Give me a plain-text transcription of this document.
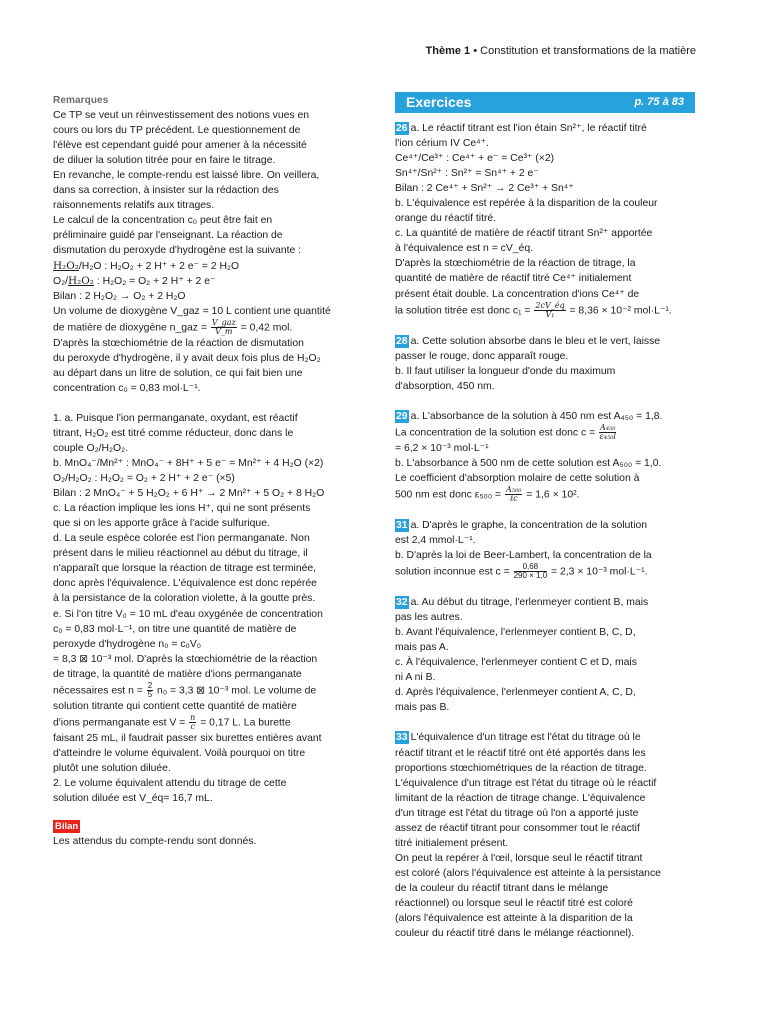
Thème 1 • Constitution et transformations de la matière
Remarques
Ce TP se veut un réinvestissement des notions vues en
cours ou lors du TP précédent. Le questionnement de
l'élève est cependant guidé pour amener à la nécessité
de diluer la solution titrée pour en faire le titrage.
En revanche, le compte-rendu est laissé libre. On veillera,
dans sa correction, à insister sur la rédaction des
raisonnements relatifs aux titrages.
Le calcul de la concentration c₀ peut être fait en
préliminaire guidé par l'enseignant. La réaction de
dismutation du peroxyde d'hydrogène est la suivante :
H₂O₂/H₂O : H₂O₂ + 2 H⁺ + 2 e⁻ = 2 H₂O
O₂/H₂O₂ : H₂O₂ = O₂ + 2 H⁺ + 2 e⁻
Bilan : 2 H₂O₂ → O₂ + 2 H₂O
Un volume de dioxygène V_gaz = 10 L contient une quantité
de matière de dioxygène n_gaz = $\frac{\text{V\_gaz}}{V\_m} = 0,42$ mol.
D'après la stœchiométrie de la réaction de dismutation
du peroxyde d'hydrogène, il y avait deux fois plus de H₂O₂
au départ dans un litre de solution, ce qui fait bien une
concentration c₀ = 0,83 mol·L⁻¹.
1. a. Puisque l'ion permanganate, oxydant, est réactif
titrant, H₂O₂ est titré comme réducteur, donc dans le
couple O₂/H₂O₂.
b. MnO₄⁻/Mn²⁺ : MnO₄⁻ + 8H⁺ + 5 e⁻ = Mn²⁺ + 4 H₂O (×2)
O₂/H₂O₂ : H₂O₂ = O₂ + 2 H⁺ + 2 e⁻ (×5)
Bilan : 2 MnO₄⁻ + 5 H₂O₂ + 6 H⁺ → 2 Mn²⁺ + 5 O₂ + 8 H₂O
c. La réaction implique les ions H⁺, qui ne sont présents
que si on les apporte grâce à l'acide sulfurique.
d. La seule espèce colorée est l'ion permanganate. Non
présent dans le milieu réactionnel au début du titrage, il
n'apparaît que lorsque la réaction de titrage est terminée,
donc après l'équivalence. L'équivalence est donc repérée
à la persistance de la coloration violette, à la goutte près.
e. Si l'on titre V₀ = 10 mL d'eau oxygénée de concentration
c₀ = 0,83 mol·L⁻¹, on titre une quantité de matière de
peroxyde d'hydrogène n₀ = c₀V₀
= 8,3 ⊠ 10⁻³ mol. D'après la stœchiométrie de la réaction
de titrage, la quantité de matière d'ions permanganate
nécessaires est $n = \frac{2}{5} n_0 = 3,3$ ⊠ 10⁻³ mol. Le volume de
solution titrante qui contient cette quantité de matière
d'ions permanganate est $V = \frac{n}{c} = 0,17$ L. La burette
faisant 25 mL, il faudrait passer six burettes entières avant
d'atteindre le volume équivalent. Voilà pourquoi on titre
plutôt une solution diluée.
2. Le volume équivalent attendu du titrage de cette
solution diluée est V_éq= 16,7 mL.
Bilan
Les attendus du compte-rendu sont donnés.
Exercices	p. 75 à 83
26 a. Le réactif titrant est l'ion étain Sn²⁺, le réactif titré
l'ion cérium IV Ce⁴⁺.
Ce⁴⁺/Ce³⁺ : Ce⁴⁺ + e⁻ = Ce³⁺ (×2)
Sn⁴⁺/Sn²⁺ : Sn²⁺ = Sn⁴⁺ + 2 e⁻
Bilan : 2 Ce⁴⁺ + Sn²⁺ → 2 Ce³⁺ + Sn⁴⁺
b. L'équivalence est repérée à la disparition de la couleur
orange du réactif titré.
c. La quantité de matière de réactif titrant Sn²⁺ apportée
à l'équivalence est n = cV_éq.
D'après la stœchiométrie de la réaction de titrage, la
quantité de matière de réactif titré Ce⁴⁺ initialement
présent était double. La concentration d'ions Ce⁴⁺ de
la solution titrée est donc $c_1 = \frac{2cV\_éq}{\text{V₁}} = 8,36 \times 10^{-2}$ mol·L⁻¹.
28 a. Cette solution absorbe dans le bleu et le vert, laisse
passer le rouge, donc apparaît rouge.
b. Il faut utiliser la longueur d'onde du maximum
d'absorption, 450 nm.
29 a. L'absorbance de la solution à 450 nm est A₄₅₀ = 1,8.
La concentration de la solution est donc $c = \frac{\text{A₄₅₀}}{\text{ε₄₅₀l}}$
= 6,2 × 10⁻³ mol·L⁻¹
b. L'absorbance à 500 nm de cette solution est A₅₀₀ = 1,0.
Le coefficient d'absorption molaire de cette solution à
500 nm est donc $\varepsilon_{500} = \frac{\text{A₅₀₀}}{\text{ℓc}} = 1,6 \times 10^2$.
31 a. D'après le graphe, la concentration de la solution
est 2,4 mmol·L⁻¹.
b. D'après la loi de Beer-Lambert, la concentration de la
solution inconnue est $c = \frac{0,68}{290 \times 1,0} = 2,3 \times 10^{-3}$ mol·L⁻¹.
32 a. Au début du titrage, l'erlenmeyer contient B, mais
pas les autres.
b. Avant l'équivalence, l'erlenmeyer contient B, C, D,
mais pas A.
c. À l'équivalence, l'erlenmeyer contient C et D, mais
ni A ni B.
d. Après l'équivalence, l'erlenmeyer contient A, C, D,
mais pas B.
33 L'équivalence d'un titrage est l'état du titrage où le
réactif titrant et le réactif titré ont été apportés dans les
proportions stœchiométriques de la réaction de titrage.
L'équivalence d'un titrage est l'état du titrage où le réactif
limitant de la réaction de titrage change. L'équivalence
d'un titrage est l'état du titrage où l'on a apporté juste
assez de réactif titrant pour consommer tout le réactif
titré initialement présent.
On peut la repérer à l'œil, lorsque seul le réactif titrant
est coloré (alors l'équivalence est atteinte à la persistance
de la couleur du réactif titrant dans le mélange
réactionnel) ou lorsque seul le réactif titré est coloré
(alors l'équivalence est atteinte à la disparition de la
couleur du réactif titré dans le mélange réactionnel).
